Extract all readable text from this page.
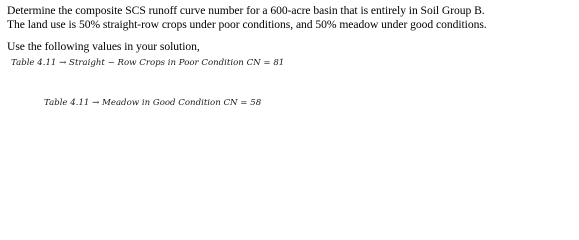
Determine the composite SCS runoff curve number for a 600-acre basin that is entirely in Soil Group B.
The land use is 50% straight-row crops under poor conditions, and 50% meadow under good conditions.
Use the following values in your solution,
Table 4.11 → Straight − Row Crops in Poor Condition CN = 81
Table 4.11 → Meadow in Good Condition CN = 58
